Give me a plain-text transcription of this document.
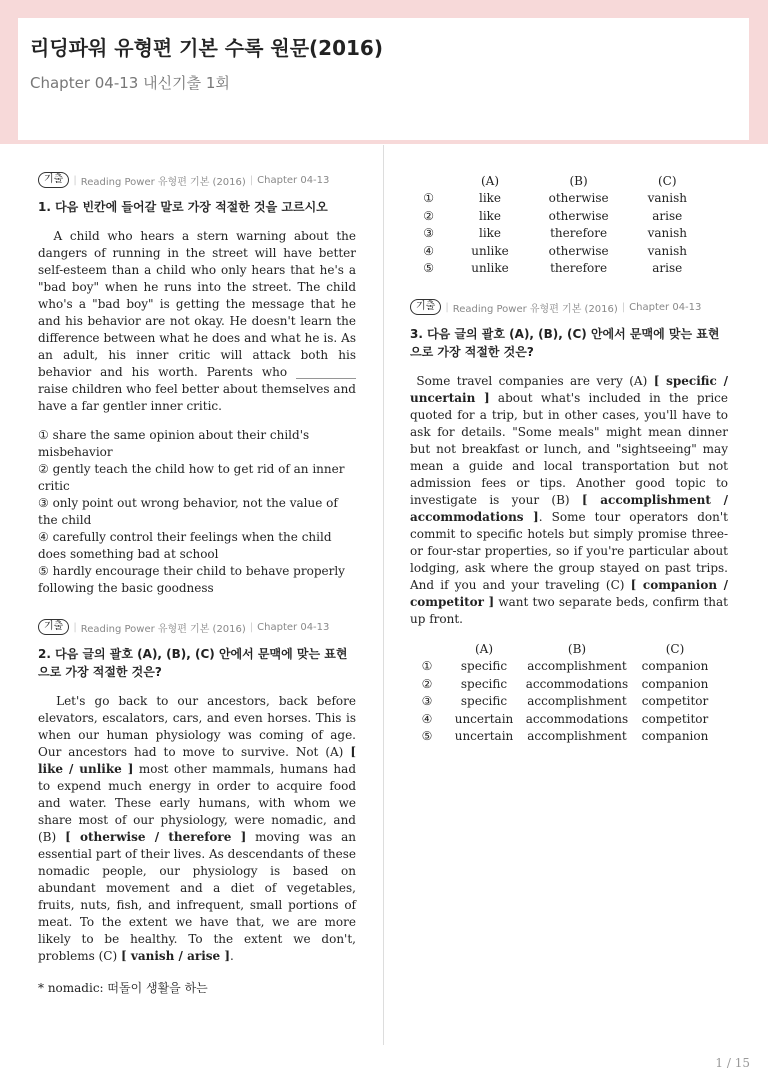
리딩파워 유형편 기본 수록 원문(2016)
Chapter 04-13 내신기출 1회
기출	| Reading Power 유형편 기본 (2016) | Chapter 04-13
1. 다음 빈칸에 들어갈 말로 가장 적절한 것을 고르시오

A child who hears a stern warning about the dangers of running in the street will have better self-esteem than a child who only hears that he's a "bad boy" when he runs into the street. The child who's a "bad boy" is getting the message that he and his behavior are not okay. He doesn't learn the difference between what he does and what he is. As an adult, his inner critic will attack both his behavior and his worth. Parents who __________ raise children who feel better about themselves and have a far gentler inner critic.

① share the same opinion about their child's misbehavior
② gently teach the child how to get rid of an inner critic
③ only point out wrong behavior, not the value of the child
④ carefully control their feelings when the child does something bad at school
⑤ hardly encourage their child to behave properly following the basic goodness
기출	| Reading Power 유형편 기본 (2016) | Chapter 04-13
2. 다음 글의 괄호 (A), (B), (C) 안에서 문맥에 맞는 표현으로 가장 적절한 것은?

Let's go back to our ancestors, back before elevators, escalators, cars, and even horses. This is when our human physiology was coming of age. Our ancestors had to move to survive. Not (A) [ like / unlike ] most other mammals, humans had to expend much energy in order to acquire food and water. These early humans, with whom we share most of our physiology, were nomadic, and (B) [ otherwise / therefore ] moving was an essential part of their lives. As descendants of these nomadic people, our physiology is based on abundant movement and a diet of vegetables, fruits, nuts, fish, and infrequent, small portions of meat. To the extent we have that, we are more likely to be healthy. To the extent we don't, problems (C) [ vanish / arise ].

* nomadic: 떠돌이 생활을 하는
	(A)	(B)	(C)
①	like	otherwise	vanish
②	like	otherwise	arise
③	like	therefore	vanish
④	unlike	otherwise	vanish
⑤	unlike	therefore	arise
기출	| Reading Power 유형편 기본 (2016) | Chapter 04-13
3. 다음 글의 괄호 (A), (B), (C) 안에서 문맥에 맞는 표현으로 가장 적절한 것은?

Some travel companies are very (A) [ specific / uncertain ] about what's included in the price quoted for a trip, but in other cases, you'll have to ask for details. "Some meals" might mean dinner but not breakfast or lunch, and "sightseeing" may mean a guide and local transportation but not admission fees or tips. Another good topic to investigate is your (B) [ accomplishment / accommodations ]. Some tour operators don't commit to specific hotels but simply promise three- or four-star properties, so if you're particular about lodging, ask where the group stayed on past trips. And if you and your traveling (C) [ companion / competitor ] want two separate beds, confirm that up front.

	(A)	(B)	(C)
①	specific	accomplishment	companion
②	specific	accommodations	companion
③	specific	accomplishment	competitor
④	uncertain	accommodations	competitor
⑤	uncertain	accomplishment	companion
1 / 15
